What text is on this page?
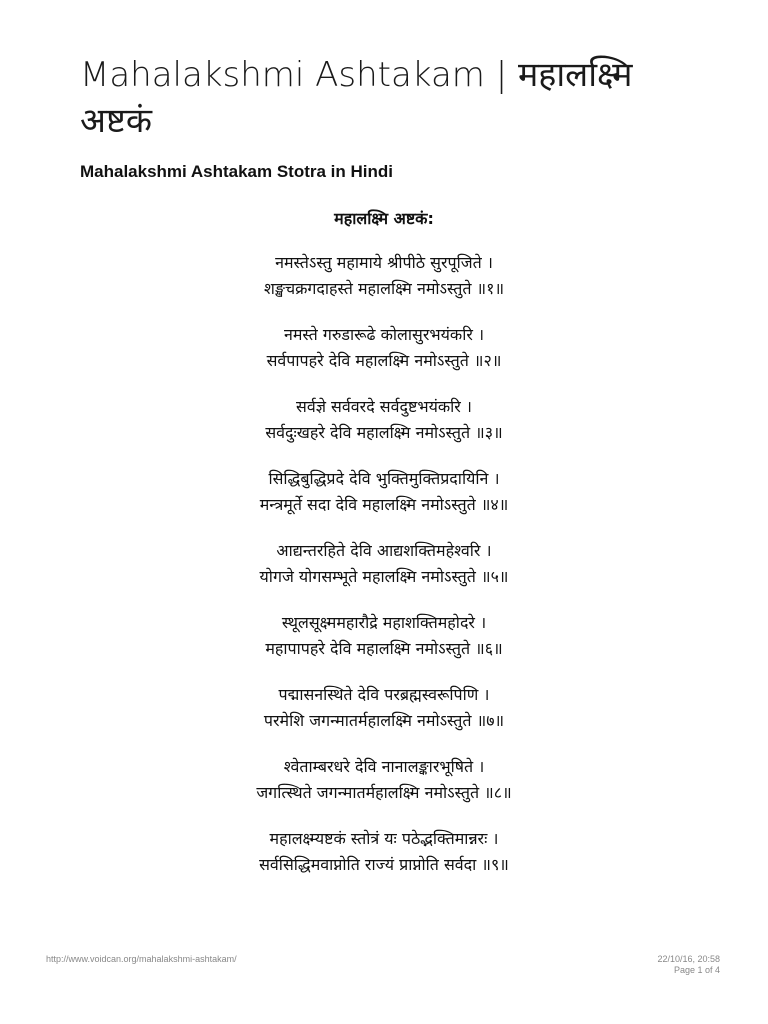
Mahalakshmi Ashtakam | महालक्ष्मि अष्टकं
Mahalakshmi Ashtakam Stotra in Hindi
महालक्ष्मि अष्टकं:
नमस्तेऽस्तु महामाये श्रीपीठे सुरपूजिते ।
शङ्खचक्रगदाहस्ते महालक्ष्मि नमोऽस्तुते ॥१॥
नमस्ते गरुडारूढे कोलासुरभयंकरि ।
सर्वपापहरे देवि महालक्ष्मि नमोऽस्तुते ॥२॥
सर्वज्ञे सर्ववरदे सर्वदुष्टभयंकरि ।
सर्वदुःखहरे देवि महालक्ष्मि नमोऽस्तुते ॥३॥
सिद्धिबुद्धिप्रदे देवि भुक्तिमुक्तिप्रदायिनि ।
मन्त्रमूर्ते सदा देवि महालक्ष्मि नमोऽस्तुते ॥४॥
आद्यन्तरहिते देवि आद्यशक्तिमहेश्वरि ।
योगजे योगसम्भूते महालक्ष्मि नमोऽस्तुते ॥५॥
स्थूलसूक्ष्ममहारौद्रे महाशक्तिमहोदरे ।
महापापहरे देवि महालक्ष्मि नमोऽस्तुते ॥६॥
पद्मासनस्थिते देवि परब्रह्मस्वरूपिणि ।
परमेशि जगन्मातर्महालक्ष्मि नमोऽस्तुते ॥७॥
श्वेताम्बरधरे देवि नानालङ्कारभूषिते ।
जगत्स्थिते जगन्मातर्महालक्ष्मि नमोऽस्तुते ॥८॥
महालक्ष्म्यष्टकं स्तोत्रं यः पठेद्भक्तिमान्नरः ।
सर्वसिद्धिमवाप्नोति राज्यं प्राप्नोति सर्वदा ॥९॥
http://www.voidcan.org/mahalakshmi-ashtakam/	22/10/16, 20:58
Page 1 of 4
